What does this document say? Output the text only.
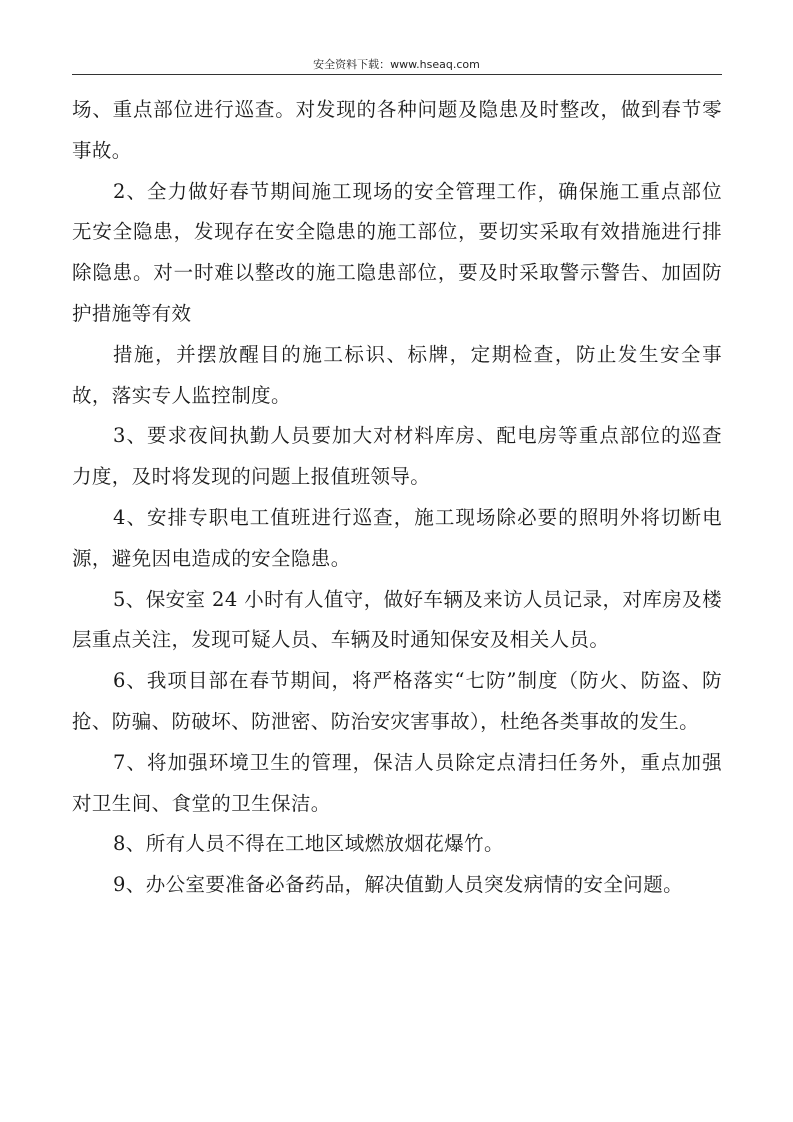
安全资料下载：www.hseaq.com

场、重点部位进行巡查。对发现的各种问题及隐患及时整改，做到春节零事故。

2、全力做好春节期间施工现场的安全管理工作，确保施工重点部位无安全隐患，发现存在安全隐患的施工部位，要切实采取有效措施进行排除隐患。对一时难以整改的施工隐患部位，要及时采取警示警告、加固防护措施等有效

措施，并摆放醒目的施工标识、标牌，定期检查，防止发生安全事故，落实专人监控制度。

3、要求夜间执勤人员要加大对材料库房、配电房等重点部位的巡查力度，及时将发现的问题上报值班领导。

4、安排专职电工值班进行巡查，施工现场除必要的照明外将切断电源，避免因电造成的安全隐患。

5、保安室 24 小时有人值守，做好车辆及来访人员记录，对库房及楼层重点关注，发现可疑人员、车辆及时通知保安及相关人员。

6、我项目部在春节期间，将严格落实“七防”制度（防火、防盗、防抢、防骗、防破坏、防泄密、防治安灾害事故），杜绝各类事故的发生。

7、将加强环境卫生的管理，保洁人员除定点清扫任务外，重点加强对卫生间、食堂的卫生保洁。

8、所有人员不得在工地区域燃放烟花爆竹。

9、办公室要准备必备药品，解决值勤人员突发病情的安全问题。
